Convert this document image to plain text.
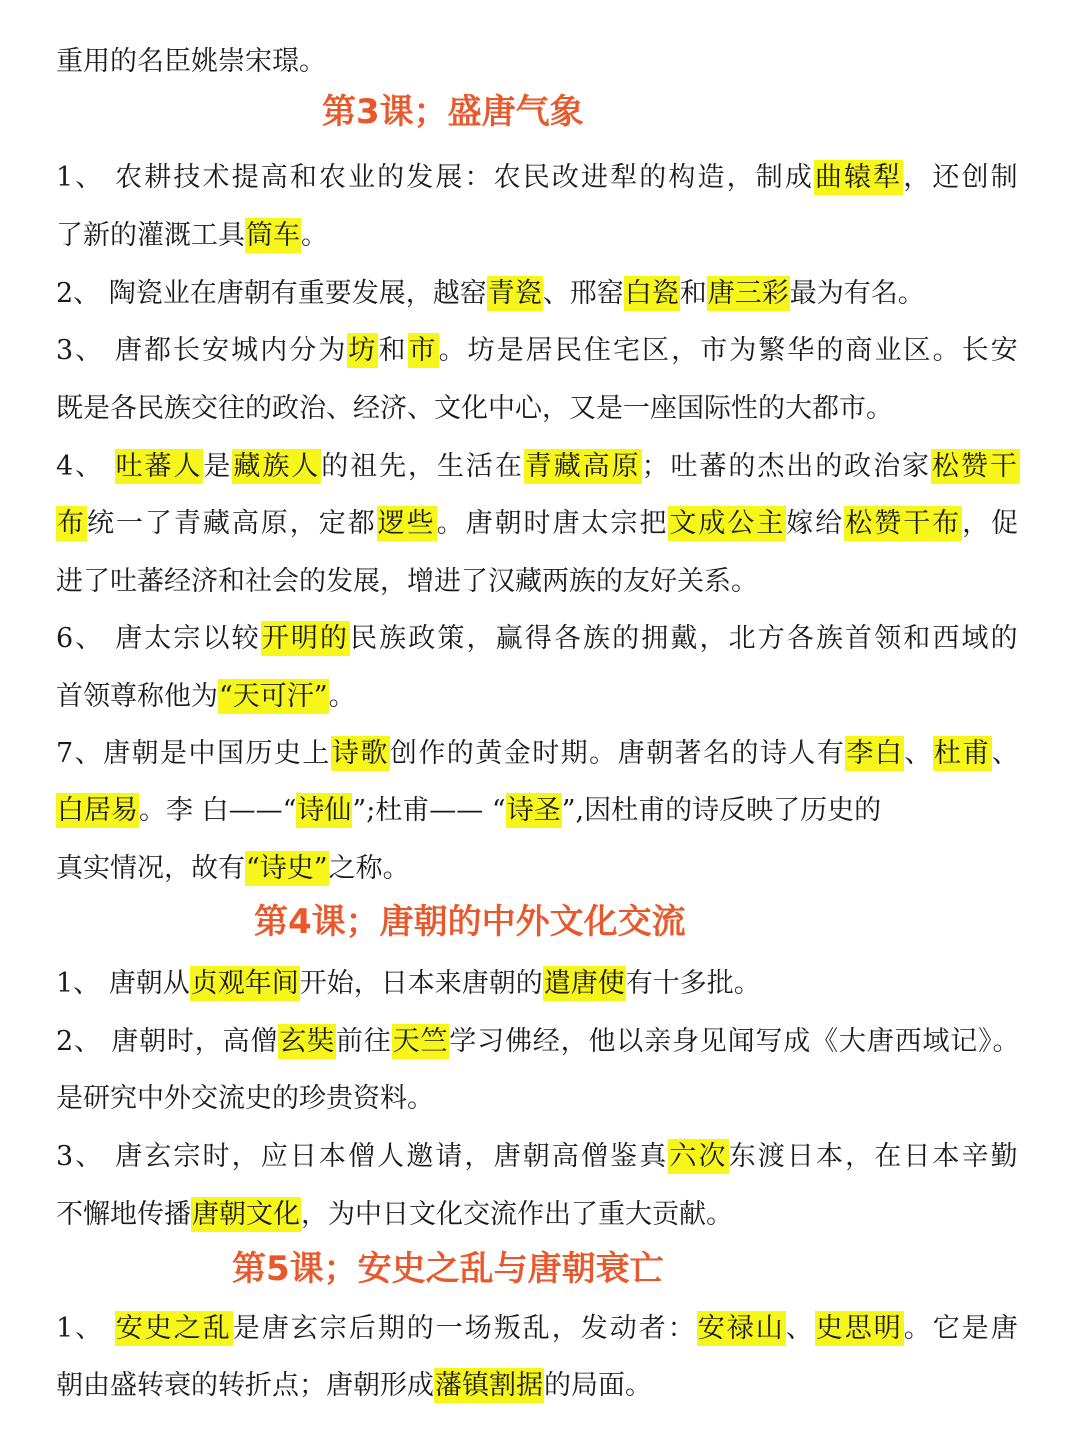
重用的名臣姚崇宋璟。
第3课；盛唐气象
1、 农耕技术提高和农业的发展：农民改进犁的构造，制成曲辕犁，还创制
了新的灌溉工具筒车。
2、 陶瓷业在唐朝有重要发展，越窑青瓷、邢窑白瓷和唐三彩最为有名。
3、 唐都长安城内分为坊和市。坊是居民住宅区，市为繁华的商业区。长安
既是各民族交往的政治、经济、文化中心，又是一座国际性的大都市。
4、 吐蕃人是藏族人的祖先，生活在青藏高原；吐蕃的杰出的政治家松赞干
布统一了青藏高原，定都逻些。唐朝时唐太宗把文成公主嫁给松赞干布，促
进了吐蕃经济和社会的发展，增进了汉藏两族的友好关系。
6、 唐太宗以较开明的民族政策，赢得各族的拥戴，北方各族首领和西域的
首领尊称他为“天可汗”。
7、唐朝是中国历史上诗歌创作的黄金时期。唐朝著名的诗人有李白、杜甫、
白居易。李 白——“诗仙”;杜甫—— “诗圣”,因杜甫的诗反映了历史的
真实情况，故有“诗史”之称。
第4课；唐朝的中外文化交流
1、 唐朝从贞观年间开始，日本来唐朝的遣唐使有十多批。
2、 唐朝时，高僧玄奘前往天竺学习佛经，他以亲身见闻写成《大唐西域记》。
是研究中外交流史的珍贵资料。
3、 唐玄宗时，应日本僧人邀请，唐朝高僧鉴真六次东渡日本，在日本辛勤
不懈地传播唐朝文化，为中日文化交流作出了重大贡献。
第5课；安史之乱与唐朝衰亡
1、 安史之乱是唐玄宗后期的一场叛乱，发动者：安禄山、史思明。它是唐
朝由盛转衰的转折点；唐朝形成藩镇割据的局面。
